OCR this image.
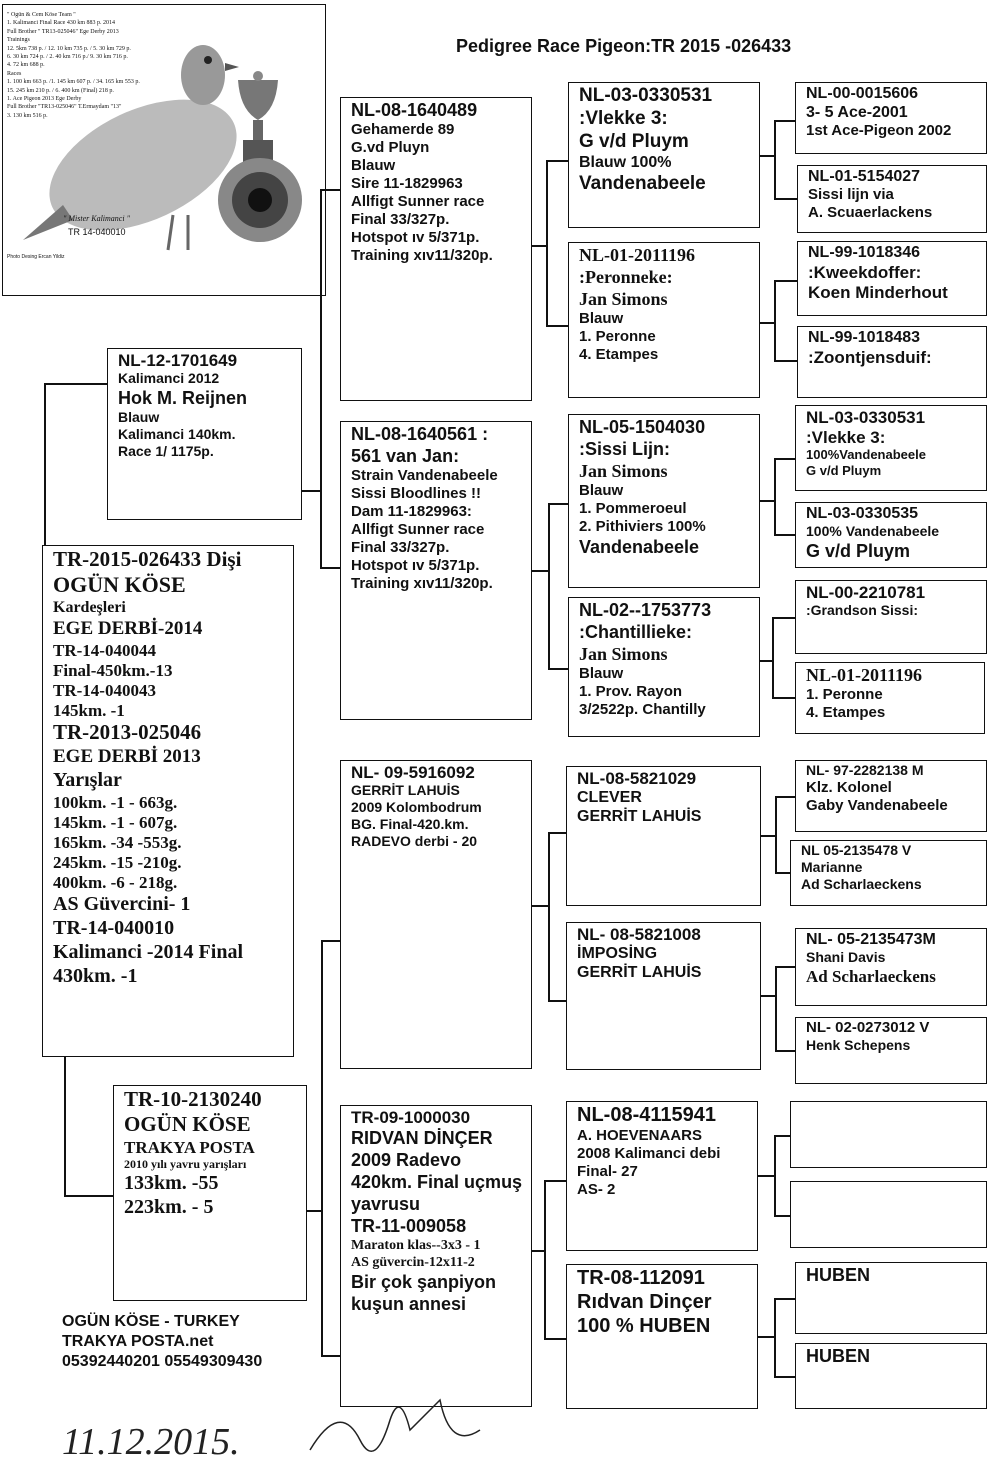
Pedigree Race Pigeon:TR 2015 -026433
" Ogün & Cem Köse Team "
1. Kalimanci Final Race 430 km 883 p. 2014
Full Brother " TR13-025046" Ege Derby 2013
Trainings
12. 5km 738 p. / 12. 10 km 735 p. / 5. 30 km 729 p.
6. 30 km 724 p. / 2. 40 km 716 p./ 9. 30 km 716 p.
4. 72 km 688 p.
Races
1. 100 km 663 p. /1. 145 km 607 p. / 34. 165 km 553 p.
15. 245 km 210 p. / 6. 400 km (Final) 218 p.
1. Ace Pigeon 2013 Ege Derby
Full Brother "TR13-025046" T.Ermaydam "13"
3. 130 km 516 p.
" Mister Kalimanci "
TR 14-040010
Photo Desing Ercan Yildiz
NL-12-1701649
Kalimanci 2012
Hok M. Reijnen
Blauw
Kalimanci 140km.
Race 1/ 1175p.
TR-2015-026433 Dişi
OGÜN KÖSE
Kardeşleri
EGE DERBİ-2014
TR-14-040044
Final-450km.-13
TR-14-040043
145km. -1
TR-2013-025046
EGE DERBİ 2013
Yarışlar
100km. -1 - 663g.
145km. -1 - 607g.
165km. -34 -553g.
245km. -15 -210g.
400km. -6 - 218g.
AS Güvercini- 1
TR-14-040010
Kalimanci -2014 Final
430km. -1
TR-10-2130240
OGÜN KÖSE
TRAKYA POSTA
2010 yılı yavru yarışları
133km. -55
223km. - 5
NL-08-1640489
Gehamerde 89
G.vd Pluyn
Blauw
Sire 11-1829963
Allfigt Sunner race
Final 33/327p.
Hotspot ıv 5/371p.
Training xıv11/320p.
NL-08-1640561 :
561 van Jan:
Strain Vandenabeele
Sissi Bloodlines !!
Dam 11-1829963:
Allfigt Sunner race
Final 33/327p.
Hotspot ıv 5/371p.
Training xıv11/320p.
NL- 09-5916092
GERRİT LAHUİS
2009 Kolombodrum
BG. Final-420.km.
RADEVO derbi - 20
TR-09-1000030
RIDVAN DİNÇER
2009 Radevo
420km. Final uçmuş
yavrusu
TR-11-009058
Maraton klas--3x3 - 1
AS güvercin-12x11-2
Bir çok şanpiyon
kuşun annesi
NL-03-0330531
:Vlekke 3:
G v/d Pluym
Blauw 100%
Vandenabeele
NL-01-2011196
:Peronneke:
Jan Simons
Blauw
1. Peronne
4. Etampes
NL-05-1504030
:Sissi Lijn:
Jan Simons
Blauw
1. Pommeroeul
2. Pithiviers 100%
Vandenabeele
NL-02--1753773
:Chantillieke:
Jan Simons
Blauw
1. Prov. Rayon
3/2522p. Chantilly
NL-08-5821029
CLEVER
GERRİT LAHUİS
NL- 08-5821008
İMPOSİNG
GERRİT LAHUİS
NL-08-4115941
A. HOEVENAARS
2008 Kalimanci debi
Final- 27
AS- 2
TR-08-112091
Rıdvan Dinçer
100 % HUBEN
NL-00-0015606
3- 5 Ace-2001
1st Ace-Pigeon 2002
NL-01-5154027
Sissi lijn via
A. Scuaerlackens
NL-99-1018346
:Kweekdoffer:
Koen Minderhout
NL-99-1018483
:Zoontjensduif:
NL-03-0330531
:Vlekke 3:
100%Vandenabeele
G v/d Pluym
NL-03-0330535
100% Vandenabeele
G v/d Pluym
NL-00-2210781
:Grandson Sissi:
NL-01-2011196
1. Peronne
4. Etampes
NL- 97-2282138 M
Klz. Kolonel
Gaby Vandenabeele
NL 05-2135478 V
Marianne
Ad Scharlaeckens
NL- 05-2135473M
Shani Davis
Ad Scharlaeckens
NL- 02-0273012 V
Henk Schepens
HUBEN
HUBEN
OGÜN KÖSE - TURKEY
TRAKYA POSTA.net
05392440201 05549309430
11.12.2015.
